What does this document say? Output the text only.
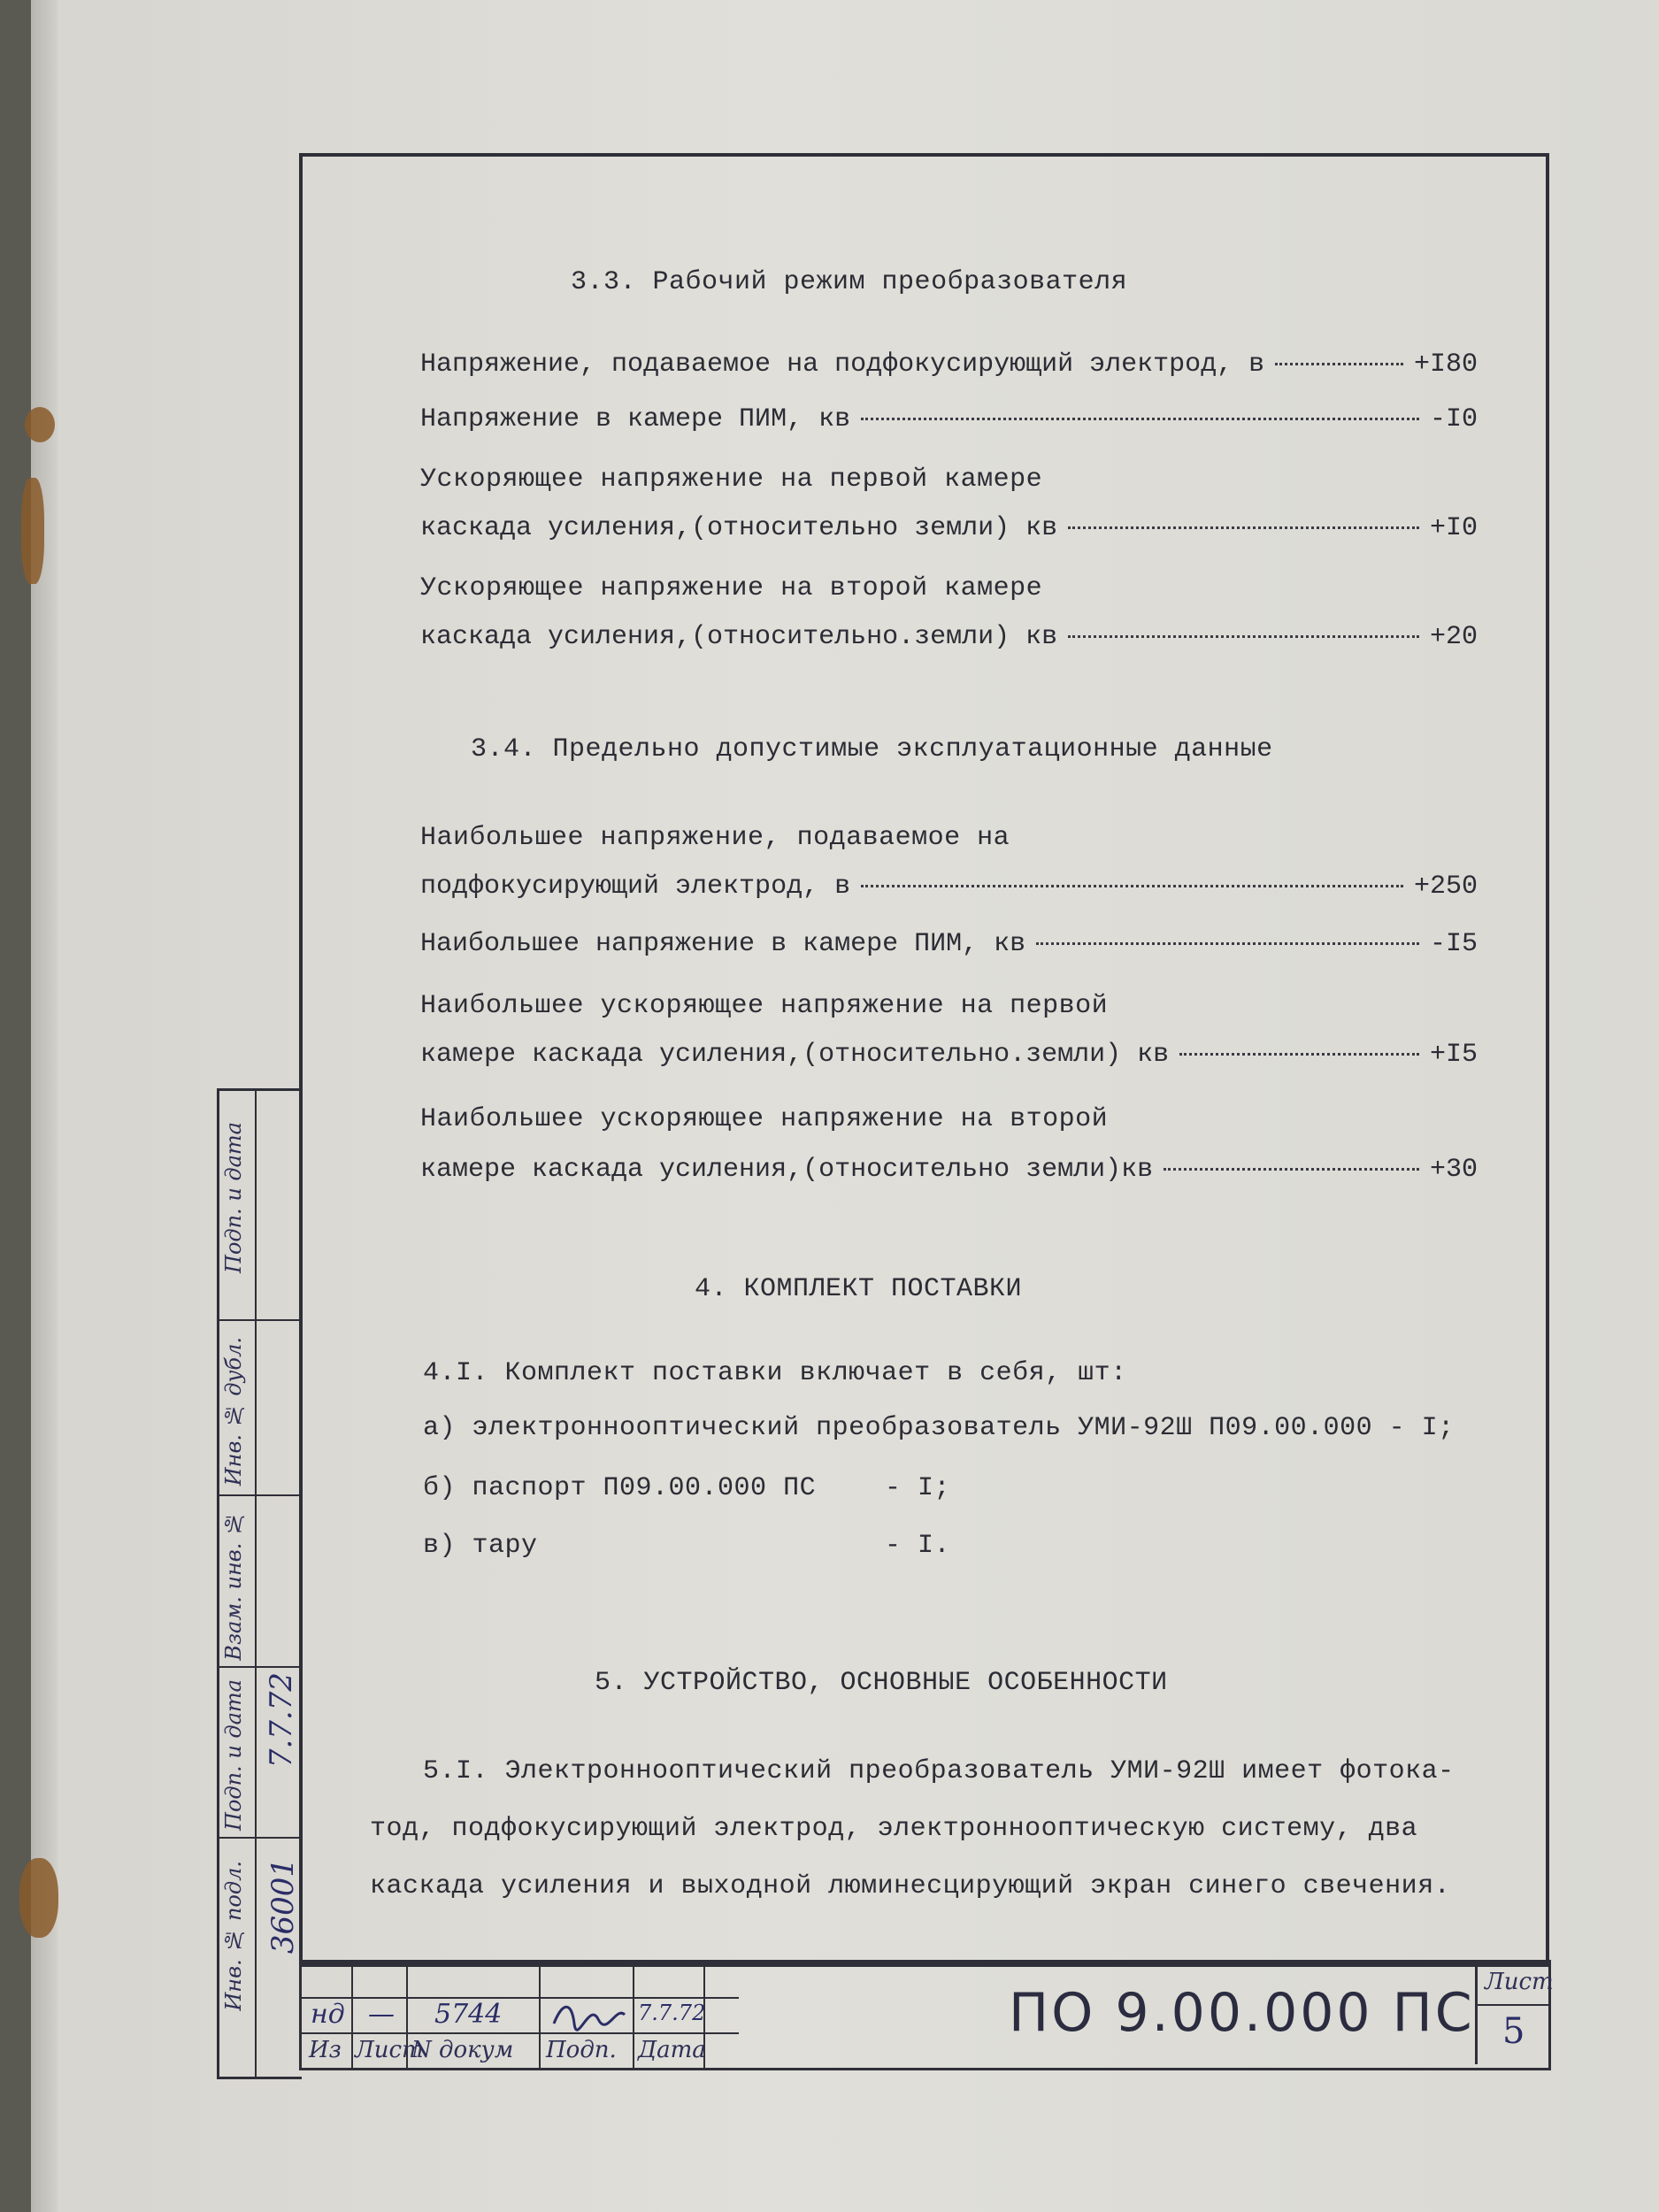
Подп. и дата
Инв. № дубл.
Взам. инв. №
Подп. и дата
Инв. № подл. 36001
7.7.72
3.3. Рабочий режим преобразователя
Напряжение, подаваемое на подфокусирующий электрод, в	+I80
Напряжение в камере ПИМ, кв	-I0
Ускоряющее напряжение на первой камере
каскада усиления,(относительно земли) кв	+I0
Ускоряющее напряжение на второй камере
каскада усиления,(относительно.земли) кв	+20
3.4. Предельно допустимые эксплуатационные данные
Наибольшее напряжение, подаваемое на
подфокусирующий электрод, в	+250
Наибольшее напряжение в камере ПИМ, кв	-I5
Наибольшее ускоряющее напряжение на первой
камере каскада усиления,(относительно.земли) кв	+I5
Наибольшее ускоряющее напряжение на второй
камере каскада усиления,(относительно земли)кв	+30
4. КОМПЛЕКТ ПОСТАВКИ
4.I. Комплект поставки включает в себя, шт:
а) электроннооптический преобразователь УМИ-92Ш П09.00.000 - I;
б) паспорт П09.00.000 ПС	- I;
в) тару	- I.
5. УСТРОЙСТВО, ОСНОВНЫЕ ОСОБЕННОСТИ
5.I. Электроннооптический преобразователь УМИ-92Ш имеет фотока-
тод, подфокусирующий электрод, электроннооптическую систему, два
каскада усиления и выходной люминесцирующий экран синего свечения.
нд — 5744	7.7.72
Из Лист
N докум Подп. Дата
ПО 9.00.000 ПС Лист
5
